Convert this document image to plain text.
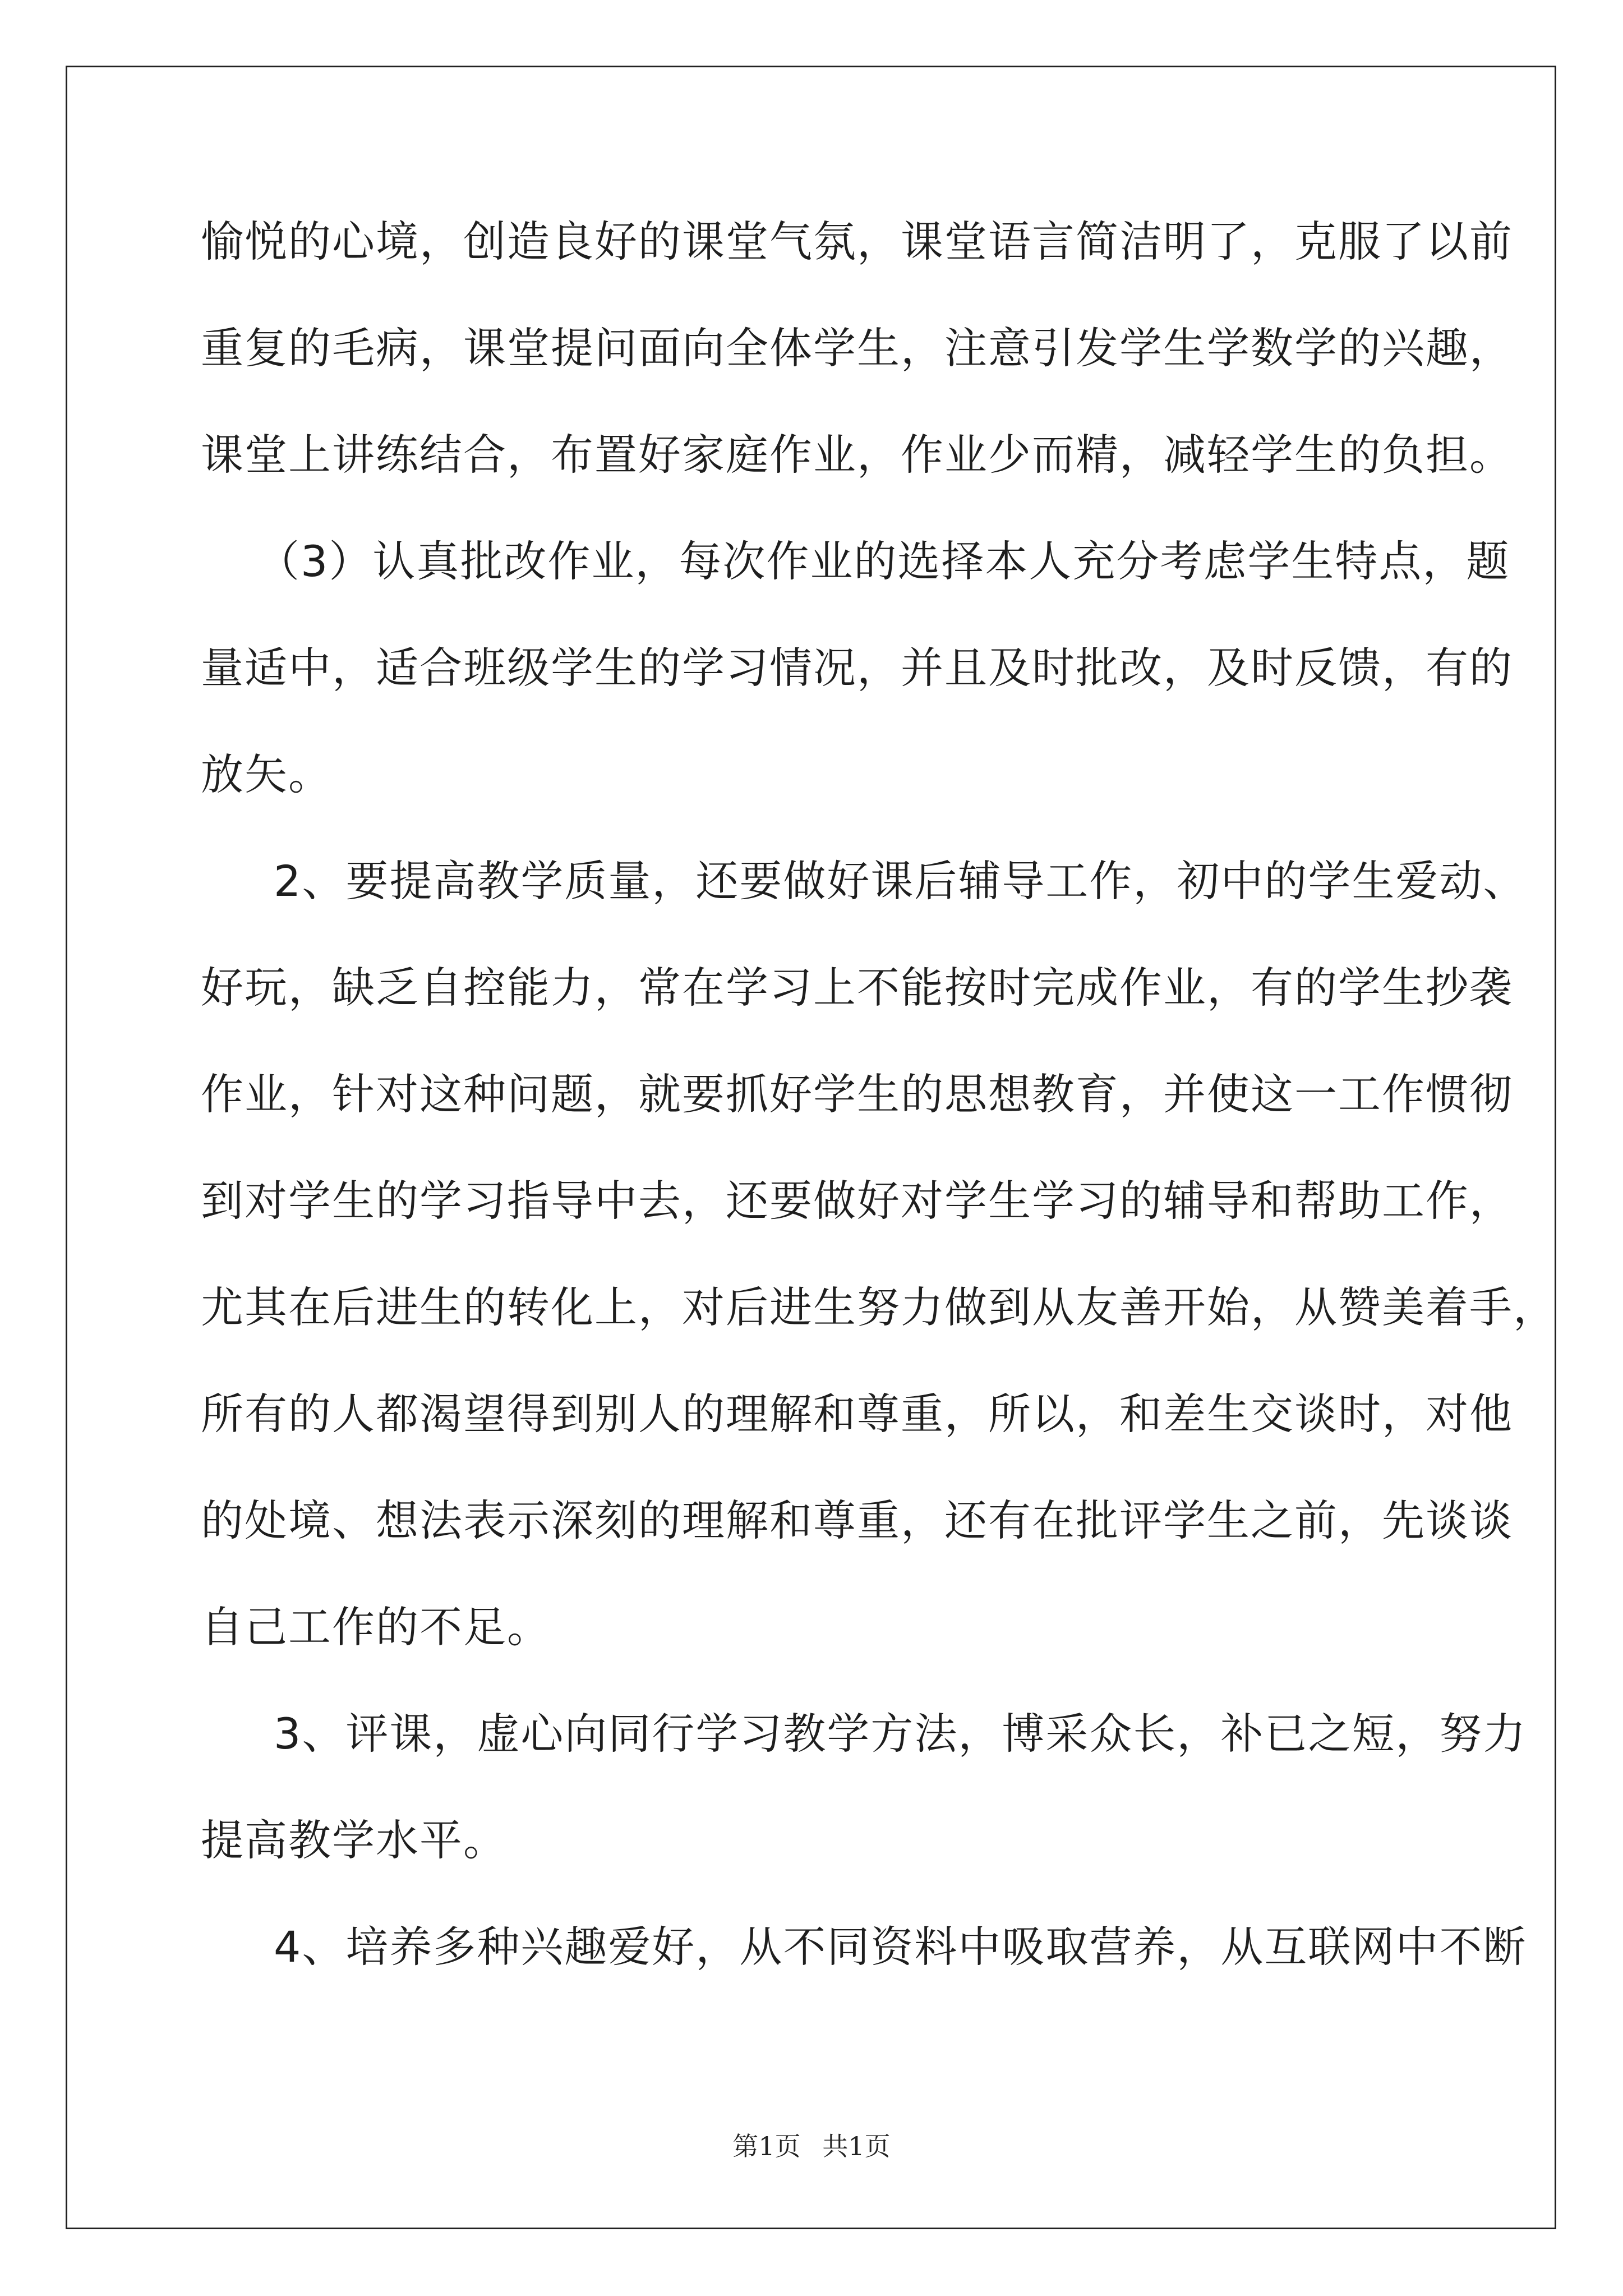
愉悦的心境，创造良好的课堂气氛，课堂语言简洁明了，克服了以前
重复的毛病，课堂提问面向全体学生，注意引发学生学数学的兴趣，
课堂上讲练结合，布置好家庭作业，作业少而精，减轻学生的负担。
（3）认真批改作业，每次作业的选择本人充分考虑学生特点，题
量适中，适合班级学生的学习情况，并且及时批改，及时反馈，有的
放矢。
2、要提高教学质量，还要做好课后辅导工作，初中的学生爱动、
好玩，缺乏自控能力，常在学习上不能按时完成作业，有的学生抄袭
作业，针对这种问题，就要抓好学生的思想教育，并使这一工作惯彻
到对学生的学习指导中去，还要做好对学生学习的辅导和帮助工作，
尤其在后进生的转化上，对后进生努力做到从友善开始，从赞美着手，
所有的人都渴望得到别人的理解和尊重，所以，和差生交谈时，对他
的处境、想法表示深刻的理解和尊重，还有在批评学生之前，先谈谈
自己工作的不足。
3、评课，虚心向同行学习教学方法，博采众长，补已之短，努力
提高教学水平。
4、培养多种兴趣爱好，从不同资料中吸取营养，从互联网中不断
第1页 共1页
